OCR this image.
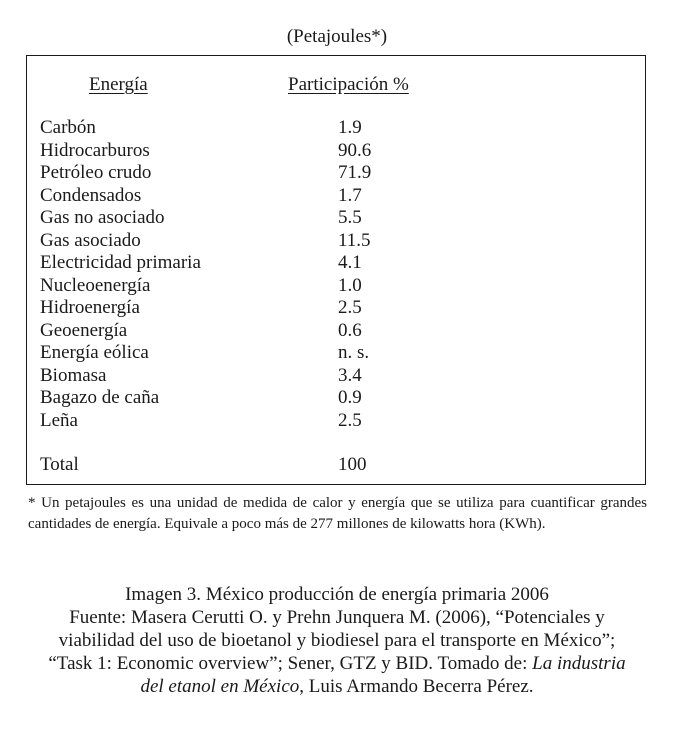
(Petajoules*)
Energía	Participación %
Carbón	1.9
Hidrocarburos	90.6
Petróleo crudo	71.9
Condensados	1.7
Gas no asociado	5.5
Gas asociado	11.5
Electricidad primaria	4.1
Nucleoenergía	1.0
Hidroenergía	2.5
Geoenergía	0.6
Energía eólica	n. s.
Biomasa	3.4
Bagazo de caña	0.9
Leña	2.5
Total	100
* Un petajoules es una unidad de medida de calor y energía que se utiliza para cuantificar grandes cantidades de energía. Equivale a poco más de 277 millones de kilowatts hora (KWh).
Imagen 3. México producción de energía primaria 2006
Fuente: Masera Cerutti O. y Prehn Junquera M. (2006), “Potenciales y
viabilidad del uso de bioetanol y biodiesel para el transporte en México”;
“Task 1: Economic overview”; Sener, GTZ y BID. Tomado de: La industria
del etanol en México, Luis Armando Becerra Pérez.
